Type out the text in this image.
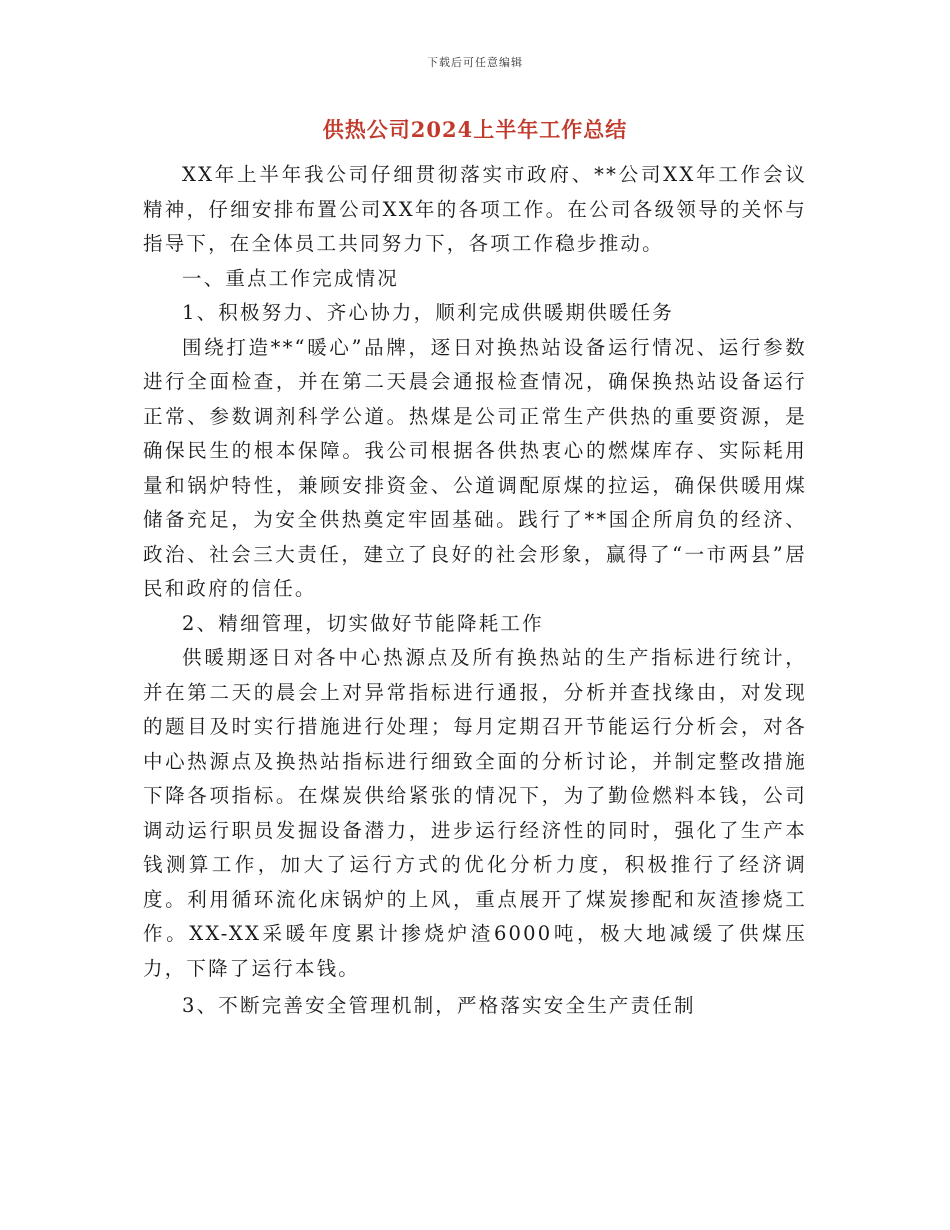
下载后可任意编辑
供热公司2024上半年工作总结

XX年上半年我公司仔细贯彻落实市政府、**公司XX年工作会议精神，仔细安排布置公司XX年的各项工作。在公司各级领导的关怀与指导下，在全体员工共同努力下，各项工作稳步推动。

一、重点工作完成情况

1、积极努力、齐心协力，顺利完成供暖期供暖任务

围绕打造**“暖心”品牌，逐日对换热站设备运行情况、运行参数进行全面检查，并在第二天晨会通报检查情况，确保换热站设备运行正常、参数调剂科学公道。热煤是公司正常生产供热的重要资源，是确保民生的根本保障。我公司根据各供热衷心的燃煤库存、实际耗用量和锅炉特性，兼顾安排资金、公道调配原煤的拉运，确保供暖用煤储备充足，为安全供热奠定牢固基础。践行了**国企所肩负的经济、政治、社会三大责任，建立了良好的社会形象，赢得了“一市两县”居民和政府的信任。

2、精细管理，切实做好节能降耗工作

供暖期逐日对各中心热源点及所有换热站的生产指标进行统计，并在第二天的晨会上对异常指标进行通报，分析并查找缘由，对发现的题目及时实行措施进行处理；每月定期召开节能运行分析会，对各中心热源点及换热站指标进行细致全面的分析讨论，并制定整改措施下降各项指标。在煤炭供给紧张的情况下，为了勤俭燃料本钱，公司调动运行职员发掘设备潜力，进步运行经济性的同时，强化了生产本钱测算工作，加大了运行方式的优化分析力度，积极推行了经济调度。利用循环流化床锅炉的上风，重点展开了煤炭掺配和灰渣掺烧工作。XX-XX采暖年度累计掺烧炉渣6000吨，极大地减缓了供煤压力，下降了运行本钱。

3、不断完善安全管理机制，严格落实安全生产责任制
